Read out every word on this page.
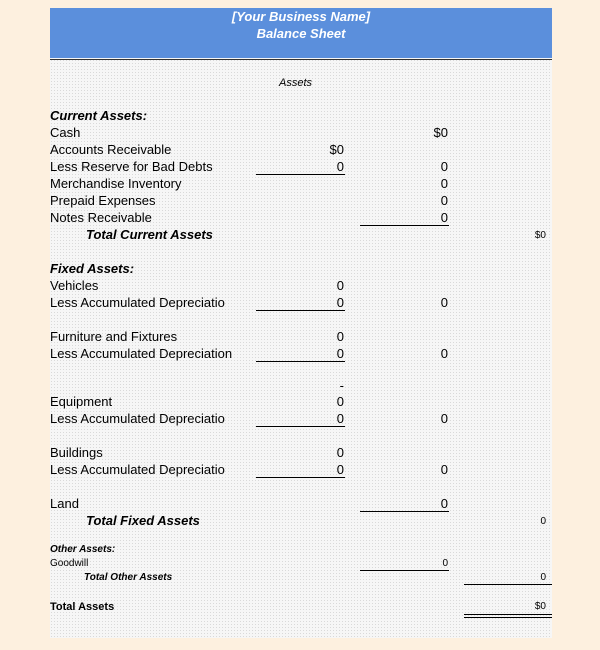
[Your Business Name]
Balance Sheet
Assets
Current Assets:
Cash	$0
Accounts Receivable	$0
Less Reserve for Bad Debts	0	0
Merchandise Inventory	0
Prepaid Expenses	0
Notes Receivable	0
Total Current Assets	$0
Fixed Assets:
Vehicles	0
Less Accumulated Depreciatio	0	0
Furniture and Fixtures	0
Less Accumulated Depreciation	0	0
-
Equipment	0
Less Accumulated Depreciatio	0	0
Buildings	0
Less Accumulated Depreciatio	0	0
Land	0
Total Fixed Assets	0
Other Assets:
Goodwill	0
Total Other Assets	0
Total Assets	$0
